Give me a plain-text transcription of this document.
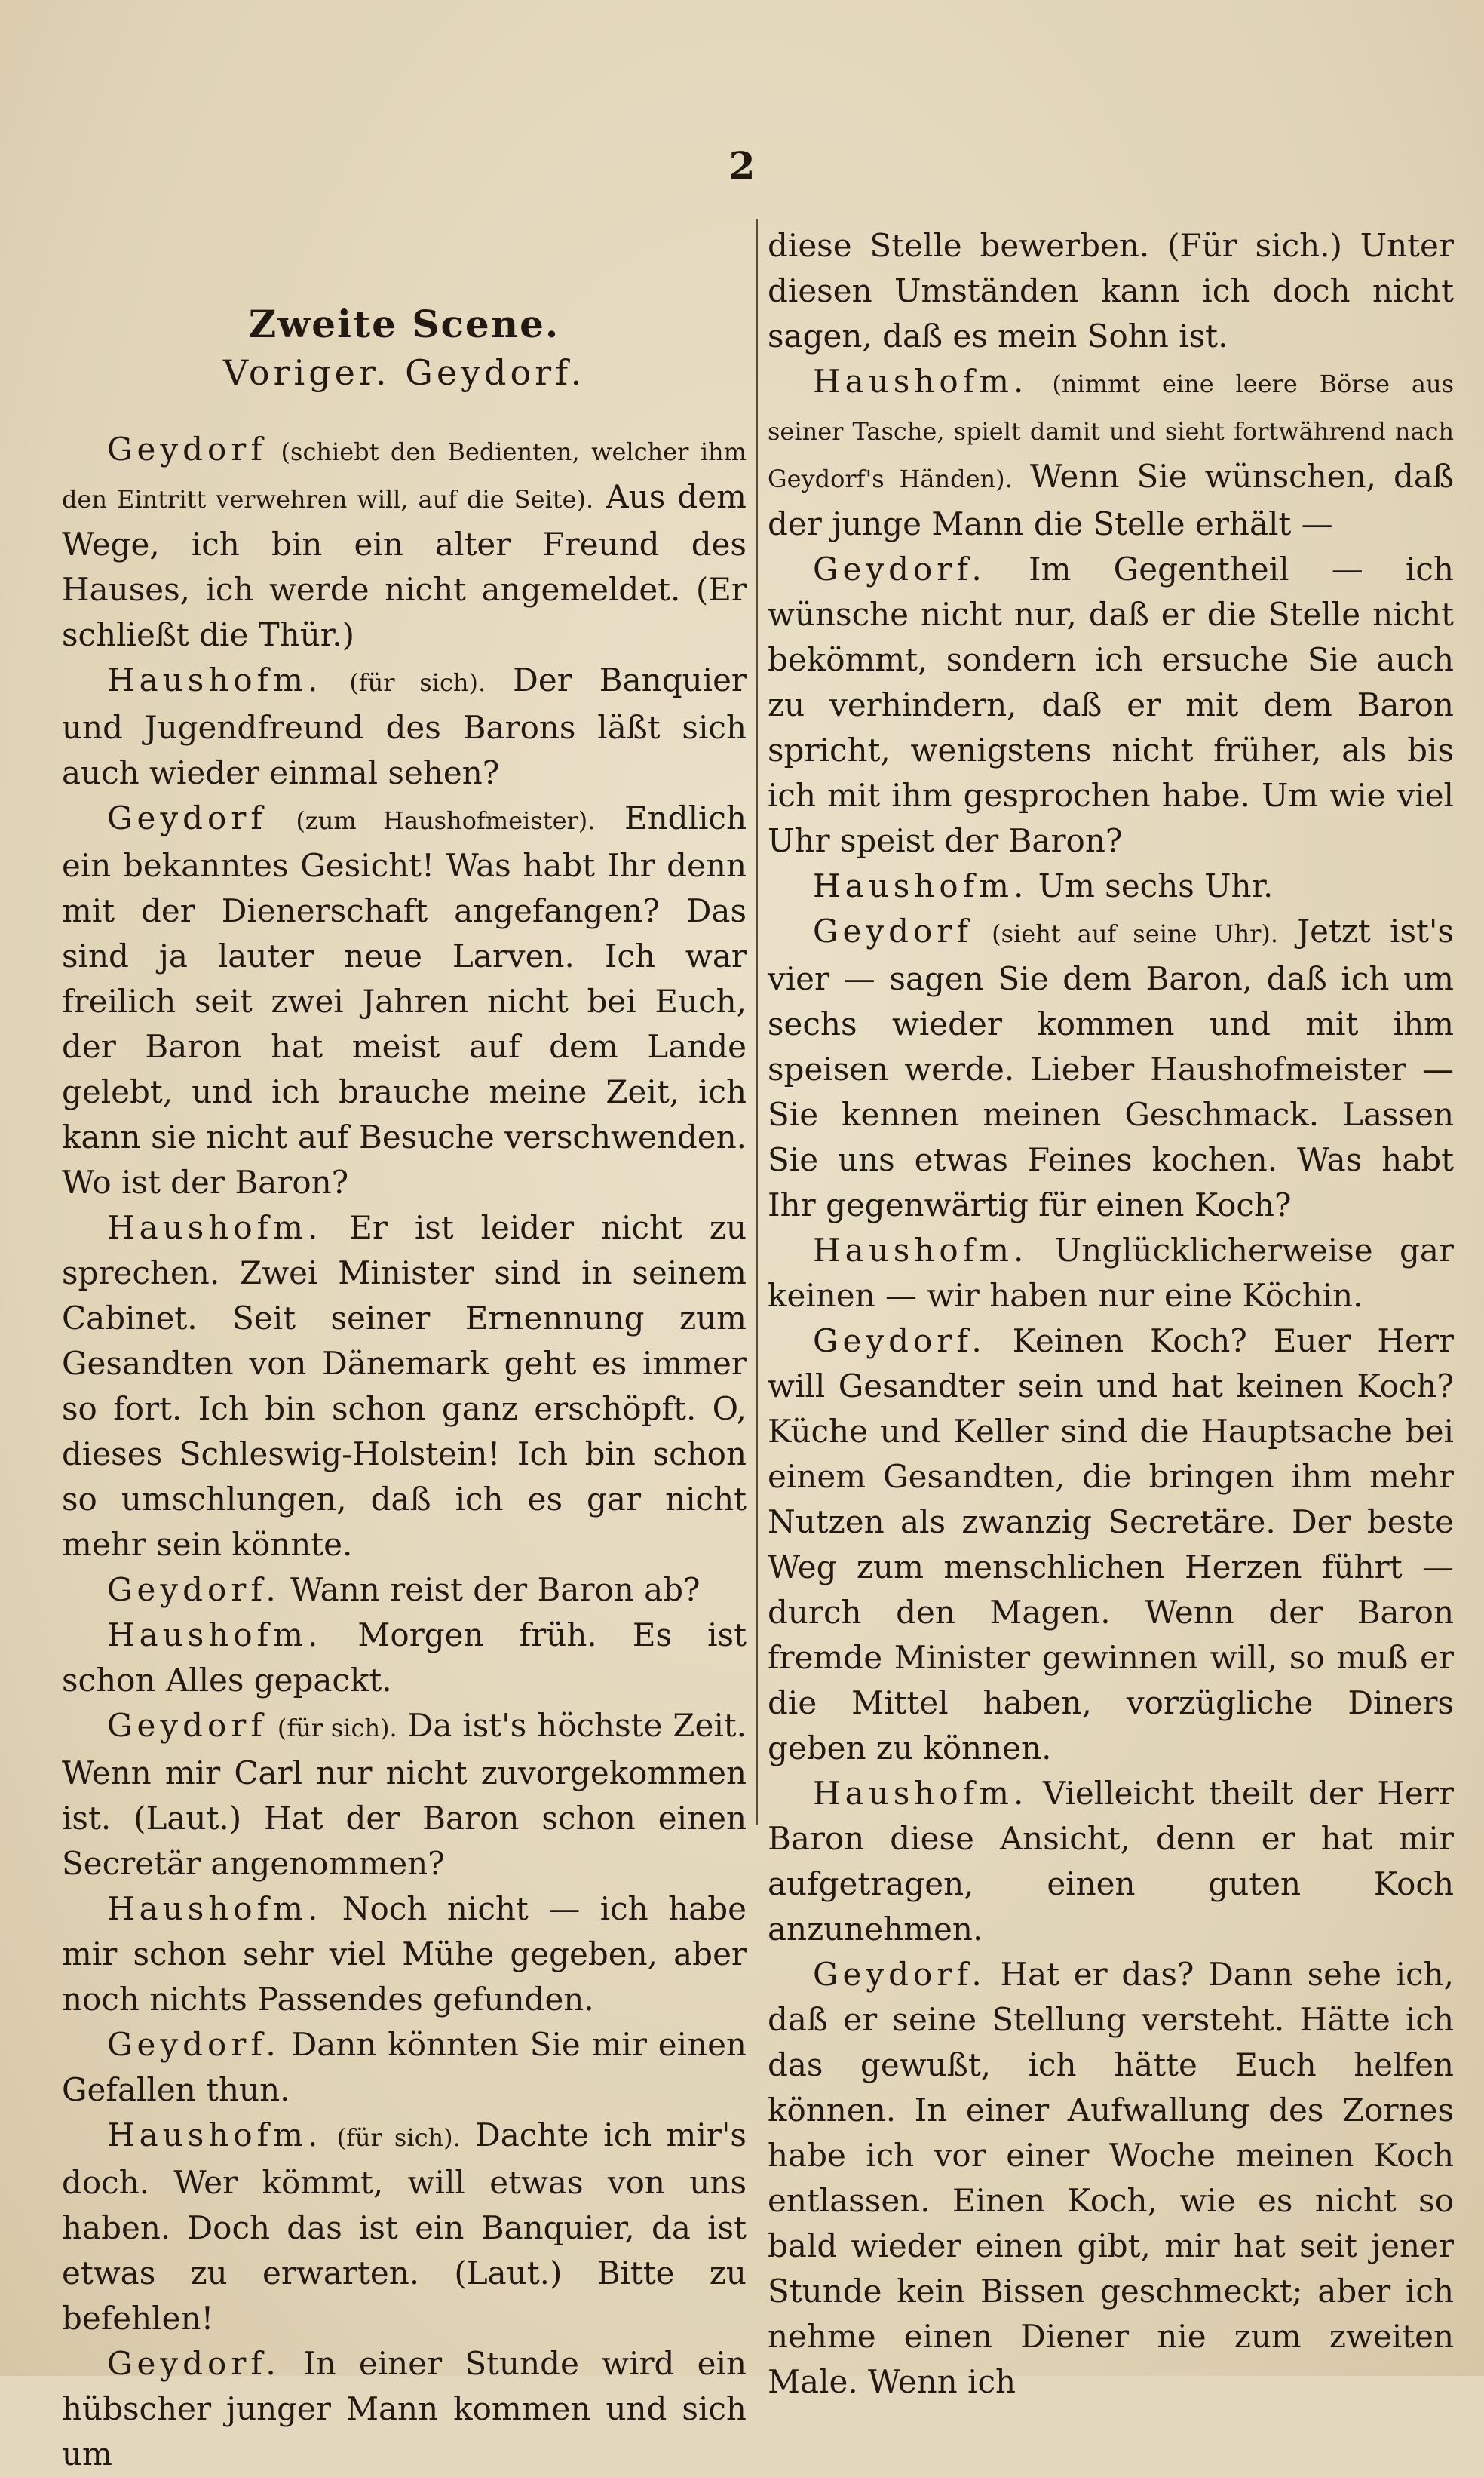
2
Zweite Scene.
Voriger. Geydorf.

Geydorf (schiebt den Bedienten, welcher ihm den Eintritt verwehren will, auf die Seite). Aus dem Wege, ich bin ein alter Freund des Hauses, ich werde nicht angemeldet. (Er schließt die Thür.)

Haushofm. (für sich). Der Banquier und Jugendfreund des Barons läßt sich auch wieder einmal sehen?

Geydorf (zum Haushofmeister). Endlich ein bekanntes Gesicht! Was habt Ihr denn mit der Dienerschaft angefangen? Das sind ja lauter neue Larven. Ich war freilich seit zwei Jahren nicht bei Euch, der Baron hat meist auf dem Lande gelebt, und ich brauche meine Zeit, ich kann sie nicht auf Besuche verschwenden. Wo ist der Baron?

Haushofm. Er ist leider nicht zu sprechen. Zwei Minister sind in seinem Cabinet. Seit seiner Ernennung zum Gesandten von Dänemark geht es immer so fort. Ich bin schon ganz erschöpft. O, dieses Schleswig-Holstein! Ich bin schon so umschlungen, daß ich es gar nicht mehr sein könnte.

Geydorf. Wann reist der Baron ab?

Haushofm. Morgen früh. Es ist schon Alles gepackt.

Geydorf (für sich). Da ist's höchste Zeit. Wenn mir Carl nur nicht zuvorgekommen ist. (Laut.) Hat der Baron schon einen Secretär angenommen?

Haushofm. Noch nicht — ich habe mir schon sehr viel Mühe gegeben, aber noch nichts Passendes gefunden.

Geydorf. Dann könnten Sie mir einen Gefallen thun.

Haushofm. (für sich). Dachte ich mir's doch. Wer kömmt, will etwas von uns haben. Doch das ist ein Banquier, da ist etwas zu erwarten. (Laut.) Bitte zu befehlen!

Geydorf. In einer Stunde wird ein hübscher junger Mann kommen und sich um

diese Stelle bewerben. (Für sich.) Unter diesen Umständen kann ich doch nicht sagen, daß es mein Sohn ist.

Haushofm. (nimmt eine leere Börse aus seiner Tasche, spielt damit und sieht fortwährend nach Geydorf's Händen). Wenn Sie wünschen, daß der junge Mann die Stelle erhält —

Geydorf. Im Gegentheil — ich wünsche nicht nur, daß er die Stelle nicht bekömmt, sondern ich ersuche Sie auch zu verhindern, daß er mit dem Baron spricht, wenigstens nicht früher, als bis ich mit ihm gesprochen habe. Um wie viel Uhr speist der Baron?

Haushofm. Um sechs Uhr.

Geydorf (sieht auf seine Uhr). Jetzt ist's vier — sagen Sie dem Baron, daß ich um sechs wieder kommen und mit ihm speisen werde. Lieber Haushofmeister — Sie kennen meinen Geschmack. Lassen Sie uns etwas Feines kochen. Was habt Ihr gegenwärtig für einen Koch?

Haushofm. Unglücklicherweise gar keinen — wir haben nur eine Köchin.

Geydorf. Keinen Koch? Euer Herr will Gesandter sein und hat keinen Koch? Küche und Keller sind die Hauptsache bei einem Gesandten, die bringen ihm mehr Nutzen als zwanzig Secretäre. Der beste Weg zum menschlichen Herzen führt — durch den Magen. Wenn der Baron fremde Minister gewinnen will, so muß er die Mittel haben, vorzügliche Diners geben zu können.

Haushofm. Vielleicht theilt der Herr Baron diese Ansicht, denn er hat mir aufgetragen, einen guten Koch anzunehmen.

Geydorf. Hat er das? Dann sehe ich, daß er seine Stellung versteht. Hätte ich das gewußt, ich hätte Euch helfen können. In einer Aufwallung des Zornes habe ich vor einer Woche meinen Koch entlassen. Einen Koch, wie es nicht so bald wieder einen gibt, mir hat seit jener Stunde kein Bissen geschmeckt; aber ich nehme einen Diener nie zum zweiten Male. Wenn ich
